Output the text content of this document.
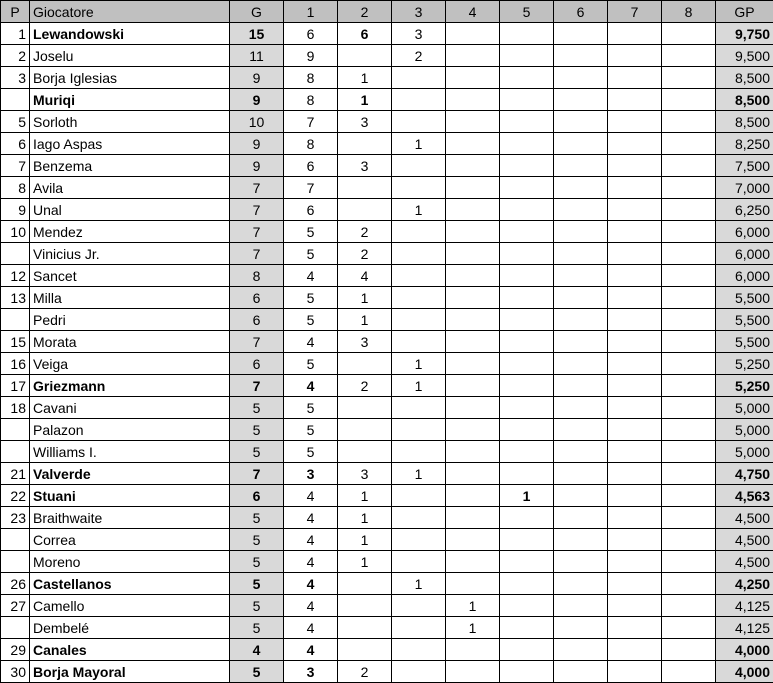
P	Giocatore	G	1	2	3	4	5	6	7	8	GP
1	Lewandowski	15	6	6	3						9,750
2	Joselu	11	9		2						9,500
3	Borja Iglesias	9	8	1							8,500
	Muriqi	9	8	1							8,500
5	Sorloth	10	7	3							8,500
6	Iago Aspas	9	8		1						8,250
7	Benzema	9	6	3							7,500
8	Avila	7	7								7,000
9	Unal	7	6		1						6,250
10	Mendez	7	5	2							6,000
	Vinicius Jr.	7	5	2							6,000
12	Sancet	8	4	4							6,000
13	Milla	6	5	1							5,500
	Pedri	6	5	1							5,500
15	Morata	7	4	3							5,500
16	Veiga	6	5		1						5,250
17	Griezmann	7	4	2	1						5,250
18	Cavani	5	5								5,000
	Palazon	5	5								5,000
	Williams I.	5	5								5,000
21	Valverde	7	3	3	1						4,750
22	Stuani	6	4	1			1				4,563
23	Braithwaite	5	4	1							4,500
	Correa	5	4	1							4,500
	Moreno	5	4	1							4,500
26	Castellanos	5	4		1						4,250
27	Camello	5	4			1					4,125
	Dembelé	5	4			1					4,125
29	Canales	4	4								4,000
30	Borja Mayoral	5	3	2							4,000
